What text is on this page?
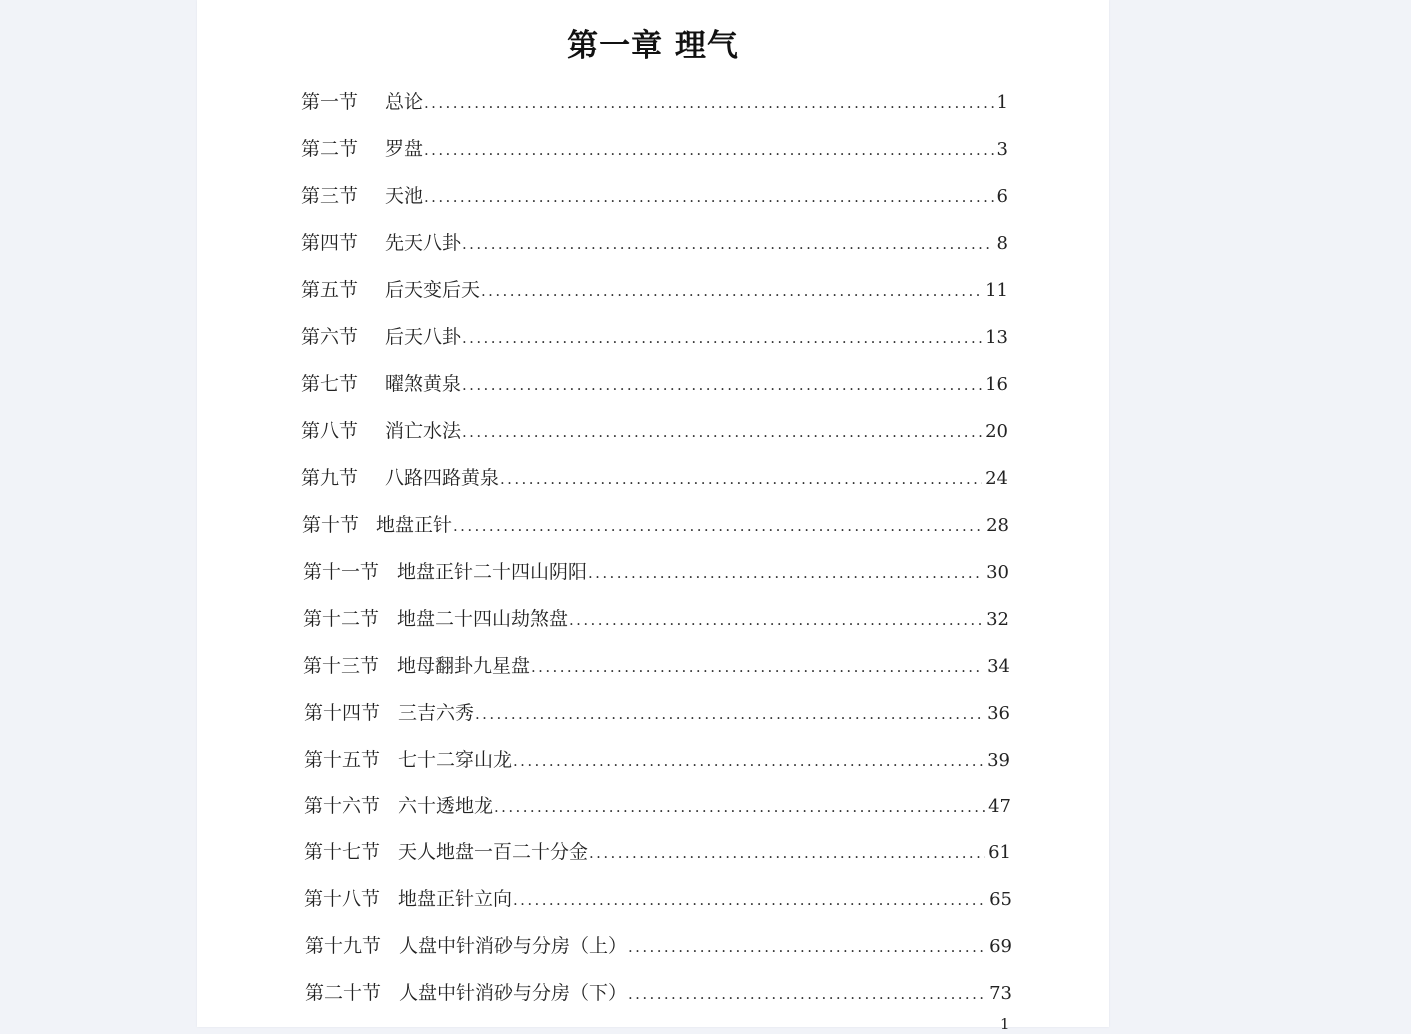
第一章 理气
第一节	总论 .....	1
第二节	罗盘 .....	3
第三节	天池 .....	6
第四节	先天八卦 .....	8
第五节	后天变后天 .....	11
第六节	后天八卦 .....	13
第七节	曜煞黄泉 .....	16
第八节	消亡水法 .....	20
第九节	八路四路黄泉 .....	24
第十节 地盘正针 .....	28
第十一节 地盘正针二十四山阴阳 .....	30
第十二节 地盘二十四山劫煞盘 .....	32
第十三节 地母翻卦九星盘 .....	34
第十四节 三吉六秀 .....	36
第十五节 七十二穿山龙 .....	39
第十六节 六十透地龙 .....	47
第十七节 天人地盘一百二十分金 .....	61
第十八节 地盘正针立向 .....	65
第十九节 人盘中针消砂与分房（上） .....	69
第二十节 人盘中针消砂与分房（下） .....	73
1
